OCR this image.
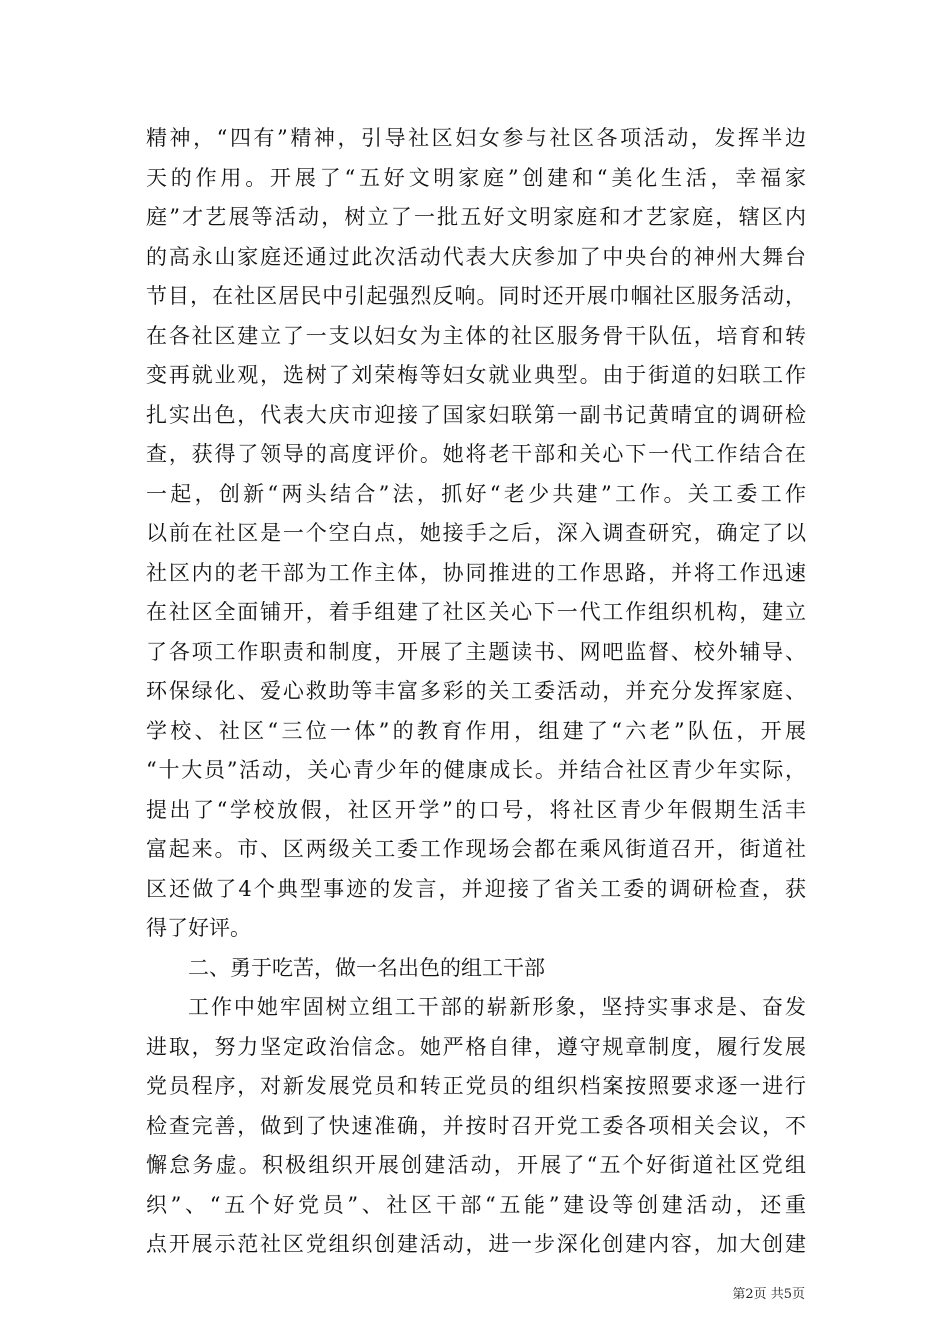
精神，“四有”精神，引导社区妇女参与社区各项活动，发挥半边
天的作用。开展了“五好文明家庭”创建和“美化生活，幸福家
庭”才艺展等活动，树立了一批五好文明家庭和才艺家庭，辖区内
的高永山家庭还通过此次活动代表大庆参加了中央台的神州大舞台
节目，在社区居民中引起强烈反响。同时还开展巾帼社区服务活动，
在各社区建立了一支以妇女为主体的社区服务骨干队伍，培育和转
变再就业观，选树了刘荣梅等妇女就业典型。由于街道的妇联工作
扎实出色，代表大庆市迎接了国家妇联第一副书记黄晴宜的调研检
查，获得了领导的高度评价。她将老干部和关心下一代工作结合在
一起，创新“两头结合”法，抓好“老少共建”工作。关工委工作
以前在社区是一个空白点，她接手之后，深入调查研究，确定了以
社区内的老干部为工作主体，协同推进的工作思路，并将工作迅速
在社区全面铺开，着手组建了社区关心下一代工作组织机构，建立
了各项工作职责和制度，开展了主题读书、网吧监督、校外辅导、
环保绿化、爱心救助等丰富多彩的关工委活动，并充分发挥家庭、
学校、社区“三位一体”的教育作用，组建了“六老”队伍，开展
“十大员”活动，关心青少年的健康成长。并结合社区青少年实际，
提出了“学校放假，社区开学”的口号，将社区青少年假期生活丰
富起来。市、区两级关工委工作现场会都在乘风街道召开，街道社
区还做了4个典型事迹的发言，并迎接了省关工委的调研检查，获
得了好评。
二、勇于吃苦，做一名出色的组工干部
工作中她牢固树立组工干部的崭新形象，坚持实事求是、奋发
进取，努力坚定政治信念。她严格自律，遵守规章制度，履行发展
党员程序，对新发展党员和转正党员的组织档案按照要求逐一进行
检查完善，做到了快速准确，并按时召开党工委各项相关会议，不
懈怠务虚。积极组织开展创建活动，开展了“五个好街道社区党组
织”、“五个好党员”、社区干部“五能”建设等创建活动，还重
点开展示范社区党组织创建活动，进一步深化创建内容，加大创建
第2页 共5页
